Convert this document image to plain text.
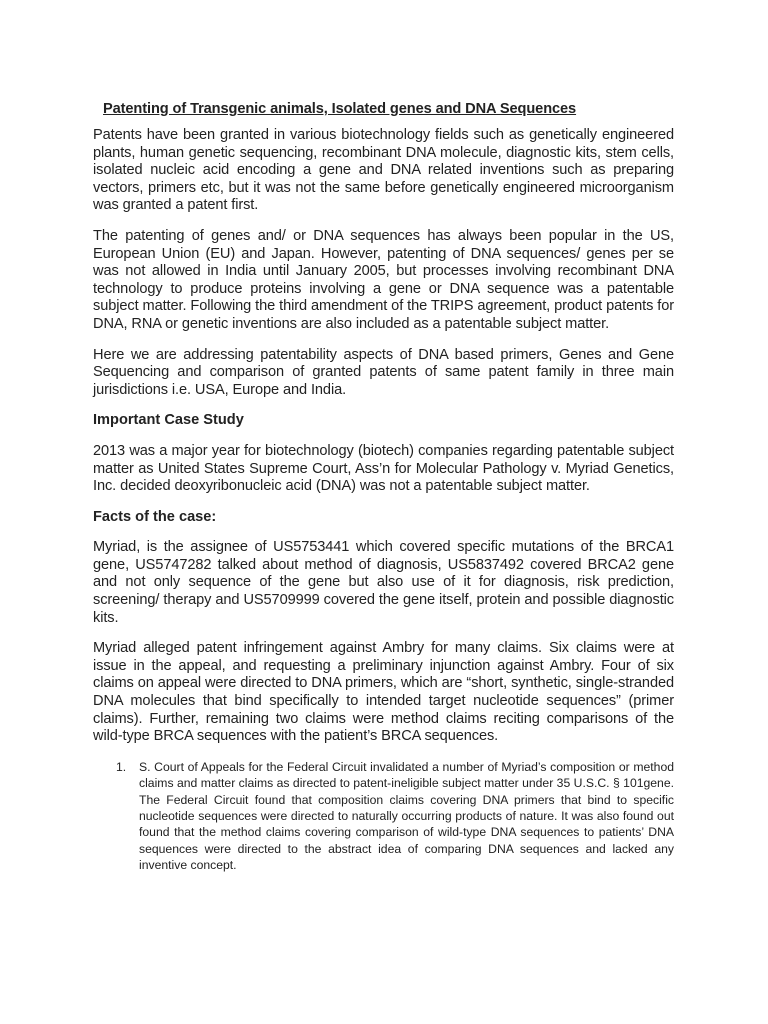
Patenting of Transgenic animals, Isolated genes and DNA Sequences

Patents have been granted in various biotechnology fields such as genetically engineered plants, human genetic sequencing, recombinant DNA molecule, diagnostic kits, stem cells, isolated nucleic acid encoding a gene and DNA related inventions such as preparing vectors, primers etc, but it was not the same before genetically engineered microorganism was granted a patent first.

The patenting of genes and/ or DNA sequences has always been popular in the US, European Union (EU) and Japan. However, patenting of DNA sequences/ genes per se was not allowed in India until January 2005, but processes involving recombinant DNA technology to produce proteins involving a gene or DNA sequence was a patentable subject matter. Following the third amendment of the TRIPS agreement, product patents for DNA, RNA or genetic inventions are also included as a patentable subject matter.

Here we are addressing patentability aspects of DNA based primers, Genes and Gene Sequencing and comparison of granted patents of same patent family in three main jurisdictions i.e. USA, Europe and India.

Important Case Study

2013 was a major year for biotechnology (biotech) companies regarding patentable subject matter as United States Supreme Court, Ass’n for Molecular Pathology v. Myriad Genetics, Inc. decided deoxyribonucleic acid (DNA) was not a patentable subject matter.

Facts of the case:

Myriad, is the assignee of US5753441 which covered specific mutations of the BRCA1 gene, US5747282 talked about method of diagnosis, US5837492 covered BRCA2 gene and not only sequence of the gene but also use of it for diagnosis, risk prediction, screening/ therapy and US5709999 covered the gene itself, protein and possible diagnostic kits.

Myriad alleged patent infringement against Ambry for many claims. Six claims were at issue in the appeal, and requesting a preliminary injunction against Ambry. Four of six claims on appeal were directed to DNA primers, which are “short, synthetic, single-stranded DNA molecules that bind specifically to intended target nucleotide sequences” (primer claims). Further, remaining two claims were method claims reciting comparisons of the wild-type BRCA sequences with the patient’s BRCA sequences.

1. S. Court of Appeals for the Federal Circuit invalidated a number of Myriad’s composition or method claims and matter claims as directed to patent-ineligible subject matter under 35 U.S.C. § 101gene. The Federal Circuit found that composition claims covering DNA primers that bind to specific nucleotide sequences were directed to naturally occurring products of nature. It was also found out found that the method claims covering comparison of wild-type DNA sequences to patients’ DNA sequences were directed to the abstract idea of comparing DNA sequences and lacked any inventive concept.
